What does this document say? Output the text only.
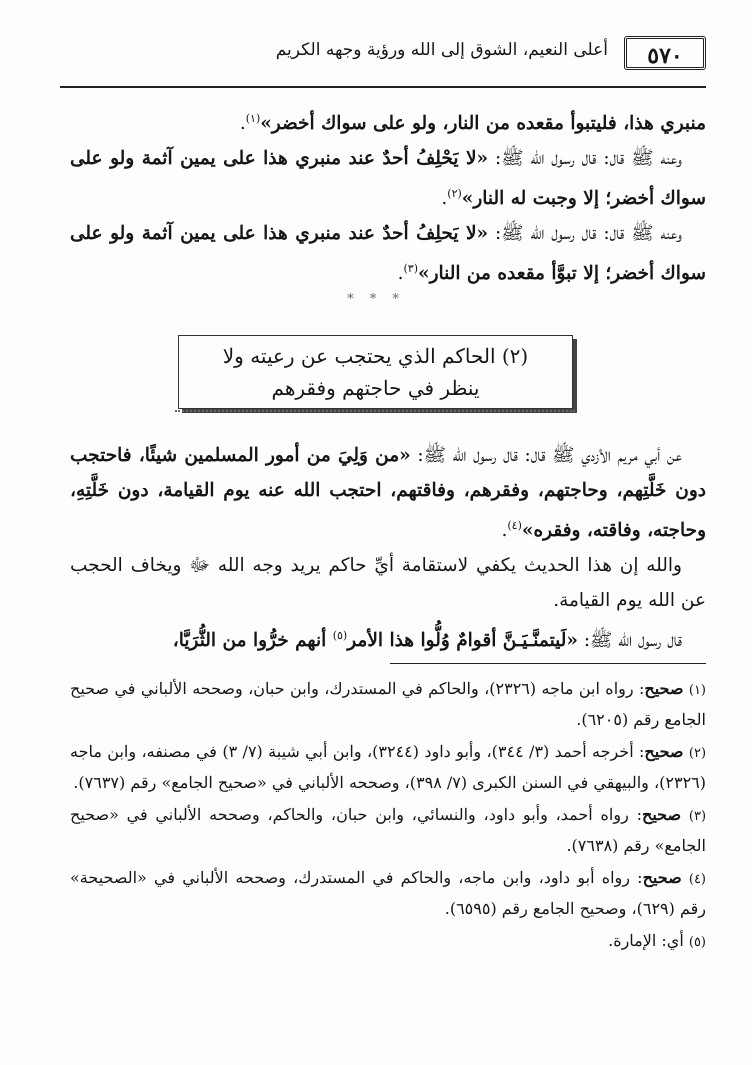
٥٧٠
أعلى النعيم، الشوق إلى الله ورؤية وجهه الكريم

منبري هذا، فليتبوأ مقعده من النار، ولو على سواك أخضر»$^{(١)}$.

وعنه ﷺ قال: قال رسول الله ﷺ: «لا يَحْلِفُ أحدٌ عند منبري هذا على يمين آثمة ولو على سواك أخضر؛ إلا وجبت له النار»$^{(٢)}$.

وعنه ﷺ قال: قال رسول الله ﷺ: «لا يَحلِفُ أحدٌ عند منبري هذا على يمين آثمة ولو على سواك أخضر؛ إلا تبوَّأ مقعده من النار»$^{(٣)}$.

* * *
(٢) الحاكم الذي يحتجب عن رعيته ولا
ينظر في حاجتهم وفقرهم

عن أبي مريم الأزدي ﷺ قال: قال رسول الله ﷺ: «من وَلِيَ من أمور المسلمين شيئًا، فاحتجب دون خَلَّتِهم، وحاجتهم، وفقرهم، وفاقتهم، احتجب الله عنه يوم القيامة، دون خَلَّتِهِ، وحاجته، وفاقته، وفقره»$^{(٤)}$.

والله إن هذا الحديث يكفي لاستقامة أيِّ حاكم يريد وجه الله ﷻ ويخاف الحجب عن الله يوم القيامة.

قال رسول الله ﷺ: «لَيتمنَّـيَـنَّ أقوامٌ وُلُّوا هذا الأمر$^{(٥)}$ أنهم خرُّوا من الثُّرَيَّا،

(١) صحيح: رواه ابن ماجه (٢٣٢٦)، والحاكم في المستدرك، وابن حبان، وصححه الألباني في صحيح الجامع رقم (٦٢٠٥).

(٢) صحيح: أخرجه أحمد (٣/ ٣٤٤)، وأبو داود (٣٢٤٤)، وابن أبي شيبة (٧/ ٣) في مصنفه، وابن ماجه (٢٣٢٦)، والبيهقي في السنن الكبرى (٧/ ٣٩٨)، وصححه الألباني في «صحيح الجامع» رقم (٧٦٣٧).

(٣) صحيح: رواه أحمد، وأبو داود، والنسائي، وابن حبان، والحاكم، وصححه الألباني في «صحيح الجامع» رقم (٧٦٣٨).

(٤) صحيح: رواه أبو داود، وابن ماجه، والحاكم في المستدرك، وصححه الألباني في «الصحيحة» رقم (٦٢٩)، وصحيح الجامع رقم (٦٥٩٥).

(٥) أي: الإمارة.
